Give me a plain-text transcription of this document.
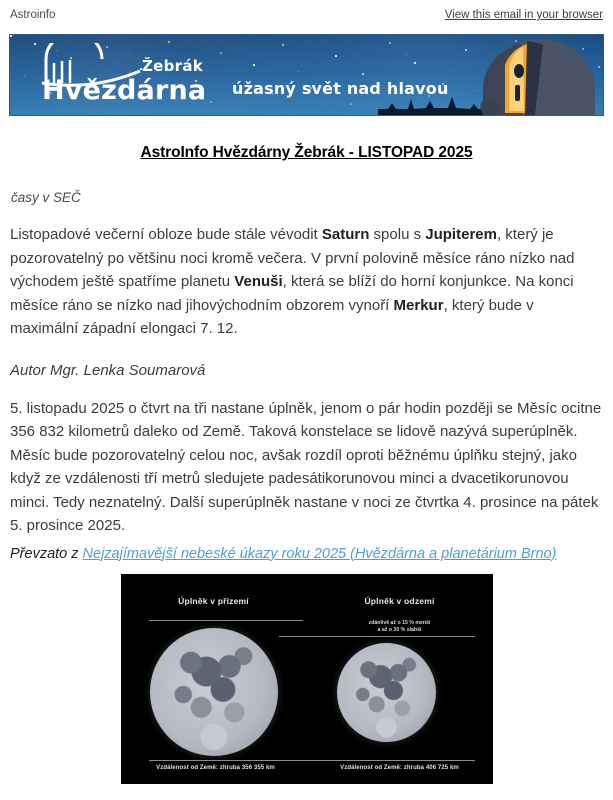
Astroinfo	View this email in your browser
Žebrák
Hvězdárna úžasný svět nad hlavou
AstroInfo Hvězdárny Žebrák - LISTOPAD 2025
časy v SEČ

Listopadové večerní obloze bude stále vévodit Saturn spolu s Jupiterem, který je pozorovatelný po většinu noci kromě večera. V první polovině měsíce ráno nízko nad východem ještě spatříme planetu Venuši, která se blíží do horní konjunkce. Na konci měsíce ráno se nízko nad jihovýchodním obzorem vynoří Merkur, který bude v maximální západní elongaci 7. 12.

Autor Mgr. Lenka Soumarová

5. listopadu 2025 o čtvrt na tři nastane úplněk, jenom o pár hodin později se Měsíc ocitne 356 832 kilometrů daleko od Země. Taková konstelace se lidově nazývá superúplněk. Měsíc bude pozorovatelný celou noc, avšak rozdíl oproti běžnému úplňku stejný, jako když ze vzdálenosti tří metrů sledujete padesátikorunovou minci a dvacetikorunovou minci. Tedy neznatelný. Další superúplněk nastane v noci ze čtvrtka 4. prosince na pátek 5. prosince 2025.

Převzato z Nejzajímavější nebeské úkazy roku 2025 (Hvězdárna a planetárium Brno)

Úplněk v přízemí	Úplněk v odzemí
zdánlivě až o 15 % menší
a až o 30 % slabší
Vzdálenost od Země: zhruba 356 355 km	Vzdálenost od Země: zhruba 406 725 km
